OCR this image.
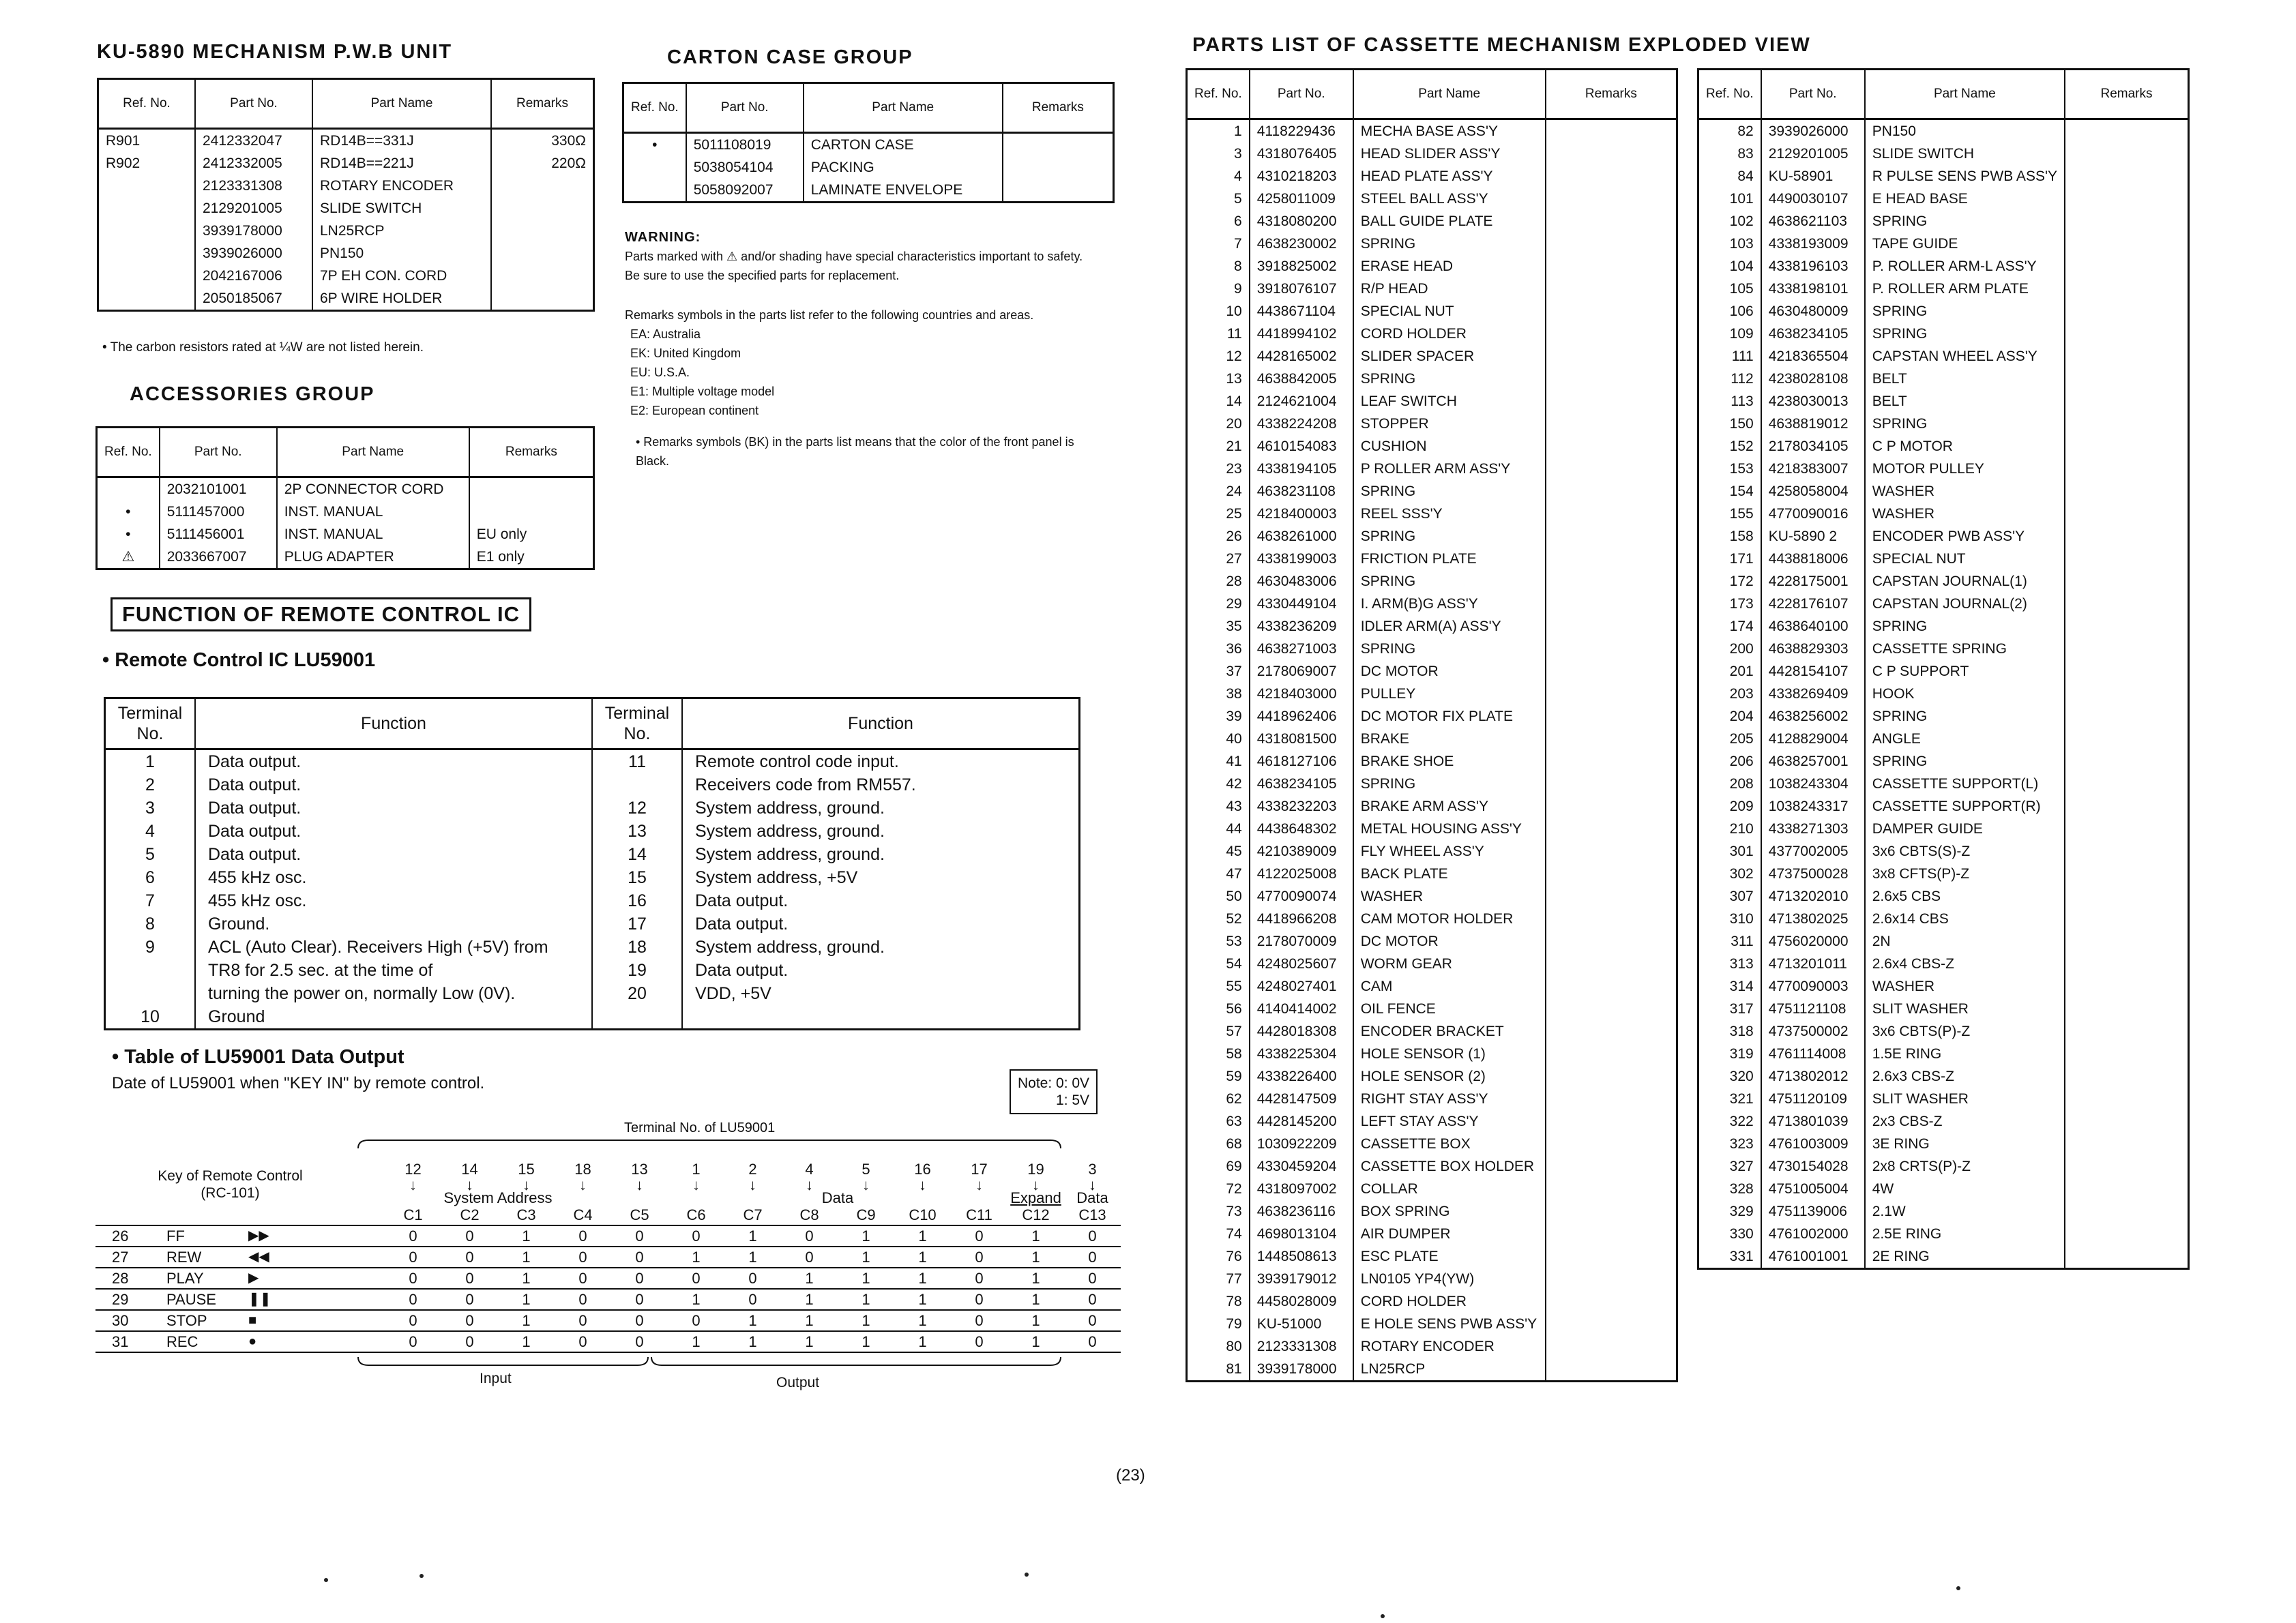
KU-5890 MECHANISM P.W.B UNIT
Ref. No.	Part No.	Part Name	Remarks
R901	2412332047	RD14B==331J	330Ω
R902	2412332005	RD14B==221J	220Ω
	2123331308	ROTARY ENCODER	
	2129201005	SLIDE SWITCH	
	3939178000	LN25RCP	
	3939026000	PN150	
	2042167006	7P EH CON. CORD	
	2050185067	6P WIRE HOLDER	
• The carbon resistors rated at ¼W are not listed herein.
ACCESSORIES GROUP
Ref. No.	Part No.	Part Name	Remarks
	2032101001	2P CONNECTOR CORD	
•	5111457000	INST. MANUAL	
•	5111456001	INST. MANUAL	EU only
⚠	2033667007	PLUG ADAPTER	E1 only
CARTON CASE GROUP
Ref. No.	Part No.	Part Name	Remarks
•	5011108019	CARTON CASE	
	5038054104	PACKING	
	5058092007	LAMINATE ENVELOPE	
WARNING:
Parts marked with ⚠ and/or shading have special characteristics important to safety. Be sure to use the specified parts for replacement.
Remarks symbols in the parts list refer to the following countries and areas.
EA: Australia
EK: United Kingdom
EU: U.S.A.
E1: Multiple voltage model
E2: European continent
• Remarks symbols (BK) in the parts list means that the color of the front panel is Black.
FUNCTION OF REMOTE CONTROL IC
• Remote Control IC LU59001
Terminal No.	Function	Terminal No.	Function
1	Data output.	11	Remote control code input.
2	Data output.		Receivers code from RM557.
3	Data output.	12	System address, ground.
4	Data output.	13	System address, ground.
5	Data output.	14	System address, ground.
6	455 kHz osc.	15	System address, +5V
7	455 kHz osc.	16	Data output.
8	Ground.	17	Data output.
9	ACL (Auto Clear). Receivers High (+5V) from	18	System address, ground.
	TR8 for 2.5 sec. at the time of	19	Data output.
	turning the power on, normally Low (0V).	20	VDD, +5V
10	Ground		
• Table of LU59001 Data Output
Date of LU59001 when "KEY IN" by remote control.	Note: 0: 0V
1: 5V
Terminal No. of LU59001
Key of Remote Control
(RC-101)
			12	14	15	18	13	1	2	4	5	16	17	19	3
			↓	↓	↓	↓	↓	↓	↓	↓	↓	↓	↓	↓	↓
			System Address					Data						Expand	Data
			C1	C2	C3	C4	C5	C6	C7	C8	C9	C10	C11	C12	C13
26	FF	▶▶	0	0	1	0	0	0	1	0	1	1	0	1	0
27	REW	◀◀	0	0	1	0	0	1	1	0	1	1	0	1	0
28	PLAY	▶	0	0	1	0	0	0	0	1	1	1	0	1	0
29	PAUSE	❚❚	0	0	1	0	0	1	0	1	1	1	0	1	0
30	STOP	■	0	0	1	0	0	0	1	1	1	1	0	1	0
31	REC	●	0	0	1	0	0	1	1	1	1	1	0	1	0
Input	Output
PARTS LIST OF CASSETTE MECHANISM EXPLODED VIEW
Ref. No.	Part No.	Part Name	Remarks
1	4118229436	MECHA BASE ASS'Y	
3	4318076405	HEAD SLIDER ASS'Y	
4	4310218203	HEAD PLATE ASS'Y	
5	4258011009	STEEL BALL ASS'Y	
6	4318080200	BALL GUIDE PLATE	
7	4638230002	SPRING	
8	3918825002	ERASE HEAD	
9	3918076107	R/P HEAD	
10	4438671104	SPECIAL NUT	
11	4418994102	CORD HOLDER	
12	4428165002	SLIDER SPACER	
13	4638842005	SPRING	
14	2124621004	LEAF SWITCH	
20	4338224208	STOPPER	
21	4610154083	CUSHION	
23	4338194105	P ROLLER ARM ASS'Y	
24	4638231108	SPRING	
25	4218400003	REEL SSS'Y	
26	4638261000	SPRING	
27	4338199003	FRICTION PLATE	
28	4630483006	SPRING	
29	4330449104	I. ARM(B)G ASS'Y	
35	4338236209	IDLER ARM(A) ASS'Y	
36	4638271003	SPRING	
37	2178069007	DC MOTOR	
38	4218403000	PULLEY	
39	4418962406	DC MOTOR FIX PLATE	
40	4318081500	BRAKE	
41	4618127106	BRAKE SHOE	
42	4638234105	SPRING	
43	4338232203	BRAKE ARM ASS'Y	
44	4438648302	METAL HOUSING ASS'Y	
45	4210389009	FLY WHEEL ASS'Y	
47	4122025008	BACK PLATE	
50	4770090074	WASHER	
52	4418966208	CAM MOTOR HOLDER	
53	2178070009	DC MOTOR	
54	4248025607	WORM GEAR	
55	4248027401	CAM	
56	4140414002	OIL FENCE	
57	4428018308	ENCODER BRACKET	
58	4338225304	HOLE SENSOR (1)	
59	4338226400	HOLE SENSOR (2)	
62	4428147509	RIGHT STAY ASS'Y	
63	4428145200	LEFT STAY ASS'Y	
68	1030922209	CASSETTE BOX	
69	4330459204	CASSETTE BOX HOLDER	
72	4318097002	COLLAR	
73	4638236116	BOX SPRING	
74	4698013104	AIR DUMPER	
76	1448508613	ESC PLATE	
77	3939179012	LN0105 YP4(YW)	
78	4458028009	CORD HOLDER	
79	KU-51000	E HOLE SENS PWB ASS'Y	
80	2123331308	ROTARY ENCODER	
81	3939178000	LN25RCP	
Ref. No.	Part No.	Part Name	Remarks
82	3939026000	PN150	
83	2129201005	SLIDE SWITCH	
84	KU-58901	R PULSE SENS PWB ASS'Y	
101	4490030107	E HEAD BASE	
102	4638621103	SPRING	
103	4338193009	TAPE GUIDE	
104	4338196103	P. ROLLER ARM-L ASS'Y	
105	4338198101	P. ROLLER ARM PLATE	
106	4630480009	SPRING	
109	4638234105	SPRING	
111	4218365504	CAPSTAN WHEEL ASS'Y	
112	4238028108	BELT	
113	4238030013	BELT	
150	4638819012	SPRING	
152	2178034105	C P MOTOR	
153	4218383007	MOTOR PULLEY	
154	4258058004	WASHER	
155	4770090016	WASHER	
158	KU-5890 2	ENCODER PWB ASS'Y	
171	4438818006	SPECIAL NUT	
172	4228175001	CAPSTAN JOURNAL(1)	
173	4228176107	CAPSTAN JOURNAL(2)	
174	4638640100	SPRING	
200	4638829303	CASSETTE SPRING	
201	4428154107	C P SUPPORT	
203	4338269409	HOOK	
204	4638256002	SPRING	
205	4128829004	ANGLE	
206	4638257001	SPRING	
208	1038243304	CASSETTE SUPPORT(L)	
209	1038243317	CASSETTE SUPPORT(R)	
210	4338271303	DAMPER GUIDE	
301	4377002005	3x6 CBTS(S)-Z	
302	4737500028	3x8 CFTS(P)-Z	
307	4713202010	2.6x5 CBS	
310	4713802025	2.6x14 CBS	
311	4756020000	2N	
313	4713201011	2.6x4 CBS-Z	
314	4770090003	WASHER	
317	4751121108	SLIT WASHER	
318	4737500002	3x6 CBTS(P)-Z	
319	4761114008	1.5E RING	
320	4713802012	2.6x3 CBS-Z	
321	4751120109	SLIT WASHER	
322	4713801039	2x3 CBS-Z	
323	4761003009	3E RING	
327	4730154028	2x8 CRTS(P)-Z	
328	4751005004	4W	
329	4751139006	2.1W	
330	4761002000	2.5E RING	
331	4761001001	2E RING	
(23)
